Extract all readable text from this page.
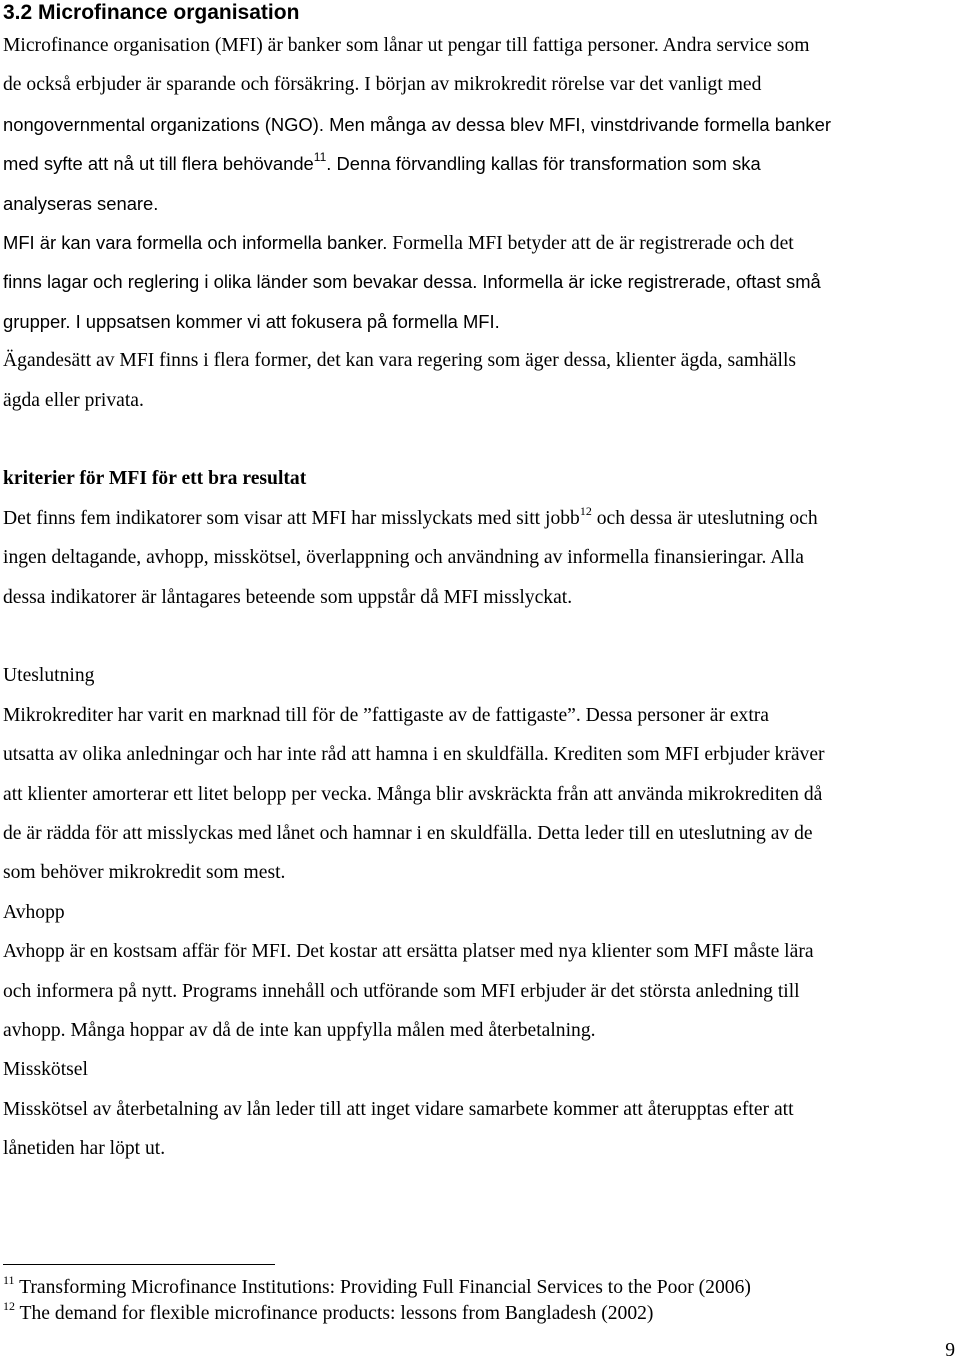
3.2 Microfinance organisation
Microfinance organisation (MFI) är banker som lånar ut pengar till fattiga personer. Andra service som
de också erbjuder är sparande och försäkring. I början av mikrokredit rörelse var det vanligt med
nongovernmental organizations (NGO). Men många av dessa blev MFI, vinstdrivande formella banker
med syfte att nå ut till flera behövande$^{11}$. Denna förvandling kallas för transformation som ska
analyseras senare.
MFI är kan vara formella och informella banker. Formella MFI betyder att de är registrerade och det
finns lagar och reglering i olika länder som bevakar dessa. Informella är icke registrerade, oftast små
grupper. I uppsatsen kommer vi att fokusera på formella MFI.
Ägandesätt av MFI finns i flera former, det kan vara regering som äger dessa, klienter ägda, samhälls
ägda eller privata.
kriterier för MFI för ett bra resultat
Det finns fem indikatorer som visar att MFI har misslyckats med sitt jobb$^{12}$ och dessa är uteslutning och
ingen deltagande, avhopp, misskötsel, överlappning och användning av informella finansieringar. Alla
dessa indikatorer är låntagares beteende som uppstår då MFI misslyckat.
Uteslutning
Mikrokrediter har varit en marknad till för de ”fattigaste av de fattigaste”. Dessa personer är extra
utsatta av olika anledningar och har inte råd att hamna i en skuldfälla. Krediten som MFI erbjuder kräver
att klienter amorterar ett litet belopp per vecka. Många blir avskräckta från att använda mikrokrediten då
de är rädda för att misslyckas med lånet och hamnar i en skuldfälla. Detta leder till en uteslutning av de
som behöver mikrokredit som mest.
Avhopp
Avhopp är en kostsam affär för MFI. Det kostar att ersätta platser med nya klienter som MFI måste lära
och informera på nytt. Programs innehåll och utförande som MFI erbjuder är det största anledning till
avhopp. Många hoppar av då de inte kan uppfylla målen med återbetalning.
Misskötsel
Misskötsel av återbetalning av lån leder till att inget vidare samarbete kommer att återupptas efter att
lånetiden har löpt ut.
$^{11}$ Transforming Microfinance Institutions: Providing Full Financial Services to the Poor (2006)
$^{12}$ The demand for flexible microfinance products: lessons from Bangladesh (2002)
9
